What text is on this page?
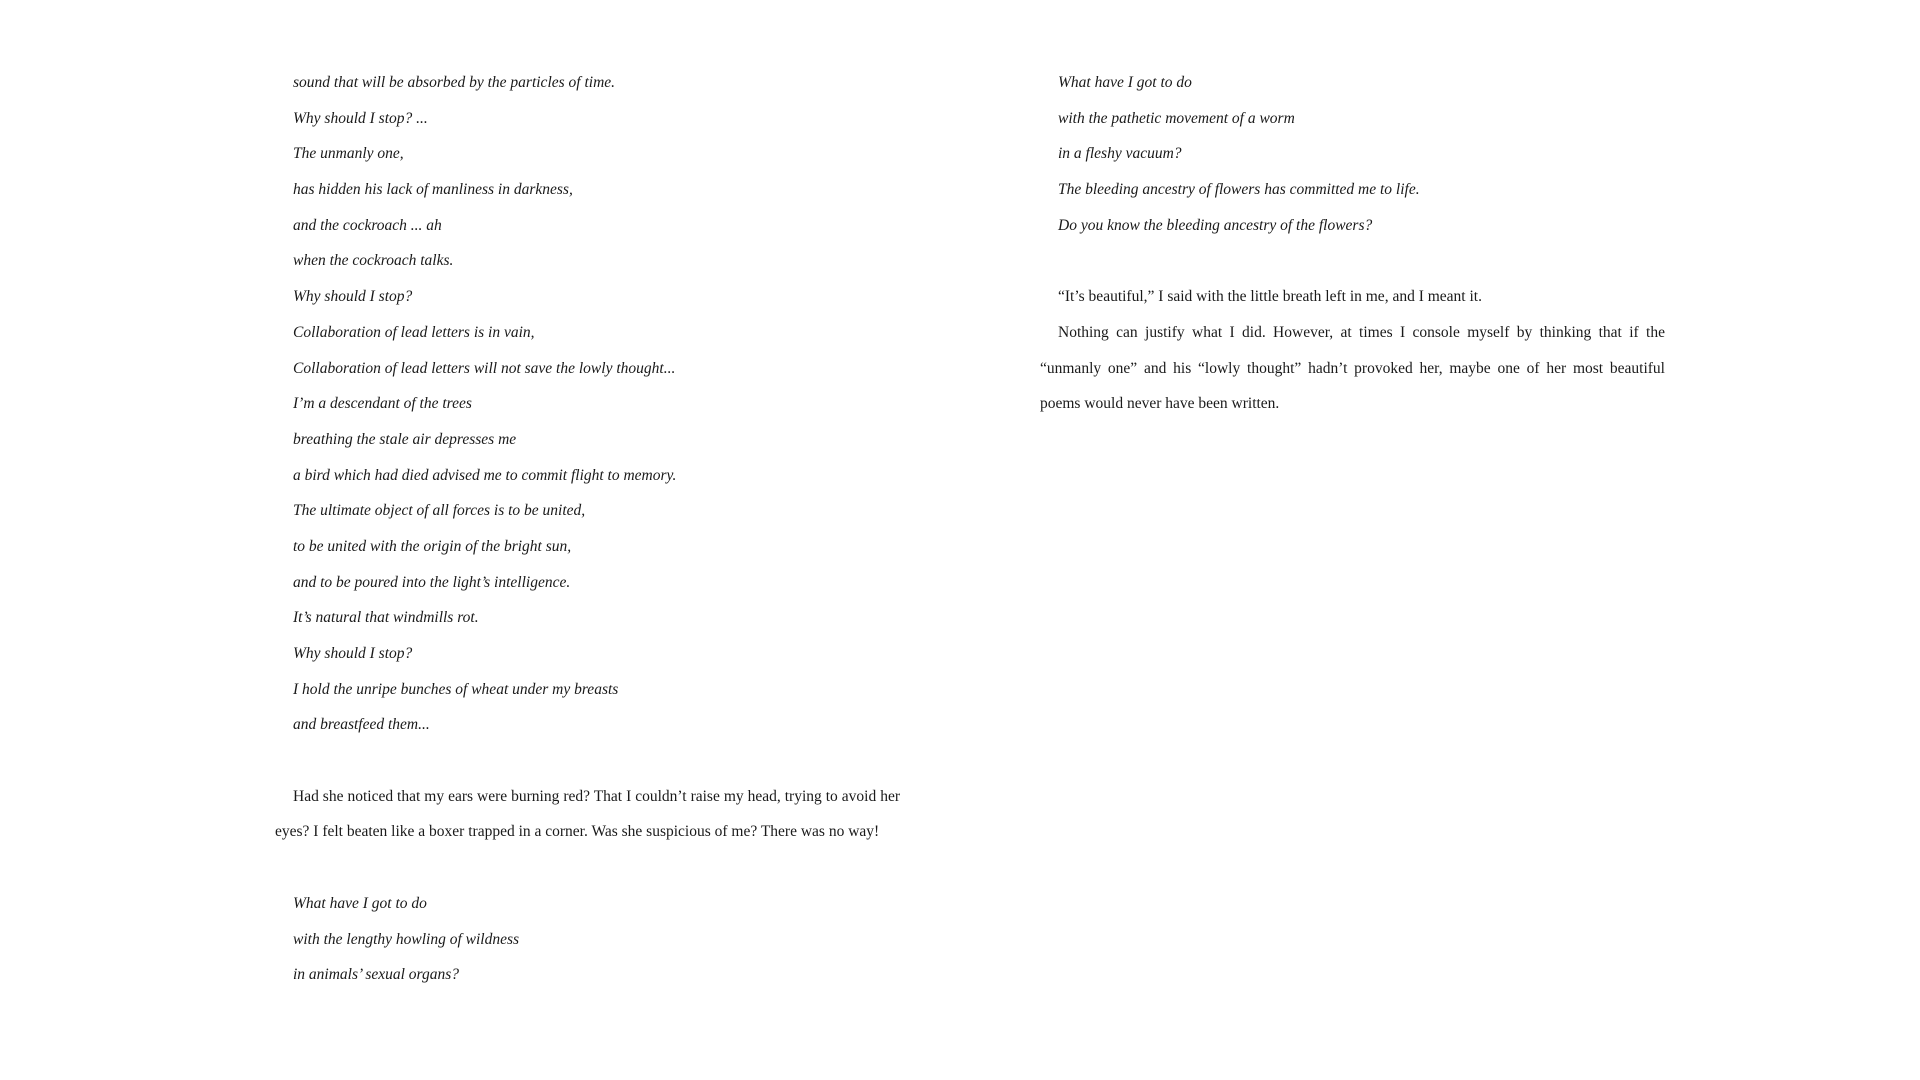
sound that will be absorbed by the particles of time.
Why should I stop? ...
The unmanly one,
has hidden his lack of manliness in darkness,
and the cockroach ... ah
when the cockroach talks.
Why should I stop?
Collaboration of lead letters is in vain,
Collaboration of lead letters will not save the lowly thought...
I’m a descendant of the trees
breathing the stale air depresses me
a bird which had died advised me to commit flight to memory.
The ultimate object of all forces is to be united,
to be united with the origin of the bright sun,
and to be poured into the light’s intelligence.
It’s natural that windmills rot.
Why should I stop?
I hold the unripe bunches of wheat under my breasts
and breastfeed them...

Had she noticed that my ears were burning red? That I couldn’t raise my head, trying to avoid her eyes? I felt beaten like a boxer trapped in a corner. Was she suspicious of me? There was no way!

What have I got to do
with the lengthy howling of wildness
in animals’ sexual organs?
What have I got to do
with the pathetic movement of a worm
in a fleshy vacuum?
The bleeding ancestry of flowers has committed me to life.
Do you know the bleeding ancestry of the flowers?

“It’s beautiful,” I said with the little breath left in me, and I meant it.

Nothing can justify what I did. However, at times I console myself by thinking that if the “unmanly one” and his “lowly thought” hadn’t provoked her, maybe one of her most beautiful poems would never have been written.
